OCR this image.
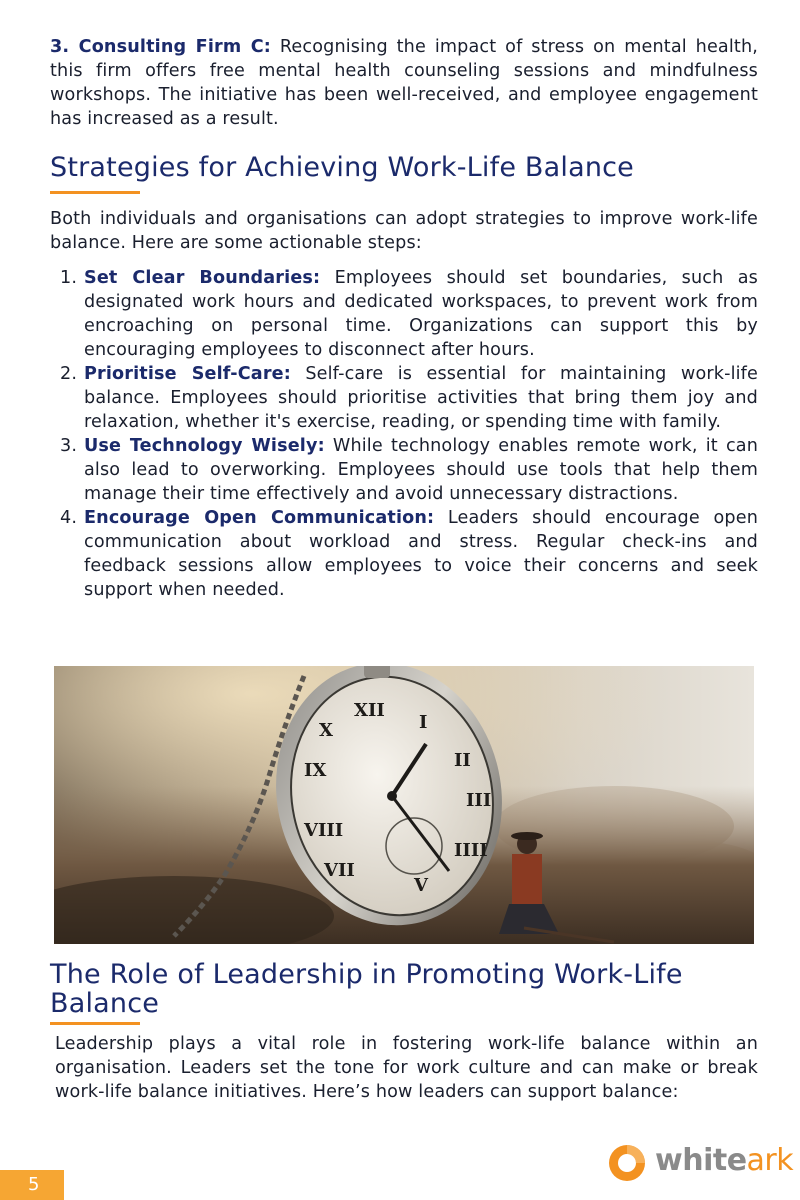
3. Consulting Firm C: Recognising the impact of stress on mental health, this firm offers free mental health counseling sessions and mindfulness workshops. The initiative has been well-received, and employee engagement has increased as a result.

Strategies for Achieving Work-Life Balance

Both individuals and organisations can adopt strategies to improve work-life balance. Here are some actionable steps:

1. Set Clear Boundaries: Employees should set boundaries, such as designated work hours and dedicated workspaces, to prevent work from encroaching on personal time. Organizations can support this by encouraging employees to disconnect after hours.
2. Prioritise Self-Care: Self-care is essential for maintaining work-life balance. Employees should prioritise activities that bring them joy and relaxation, whether it's exercise, reading, or spending time with family.
3. Use Technology Wisely: While technology enables remote work, it can also lead to overworking. Employees should use tools that help them manage their time effectively and avoid unnecessary distractions.
4. Encourage Open Communication: Leaders should encourage open communication about workload and stress. Regular check-ins and feedback sessions allow employees to voice their concerns and seek support when needed.
XII
I
II
III
IIII
V
VII
VIII
IX
X
The Role of Leadership in Promoting Work-Life Balance

Leadership plays a vital role in fostering work-life balance within an organisation. Leaders set the tone for work culture and can make or break work-life balance initiatives. Here’s how leaders can support balance:

5
whiteark
